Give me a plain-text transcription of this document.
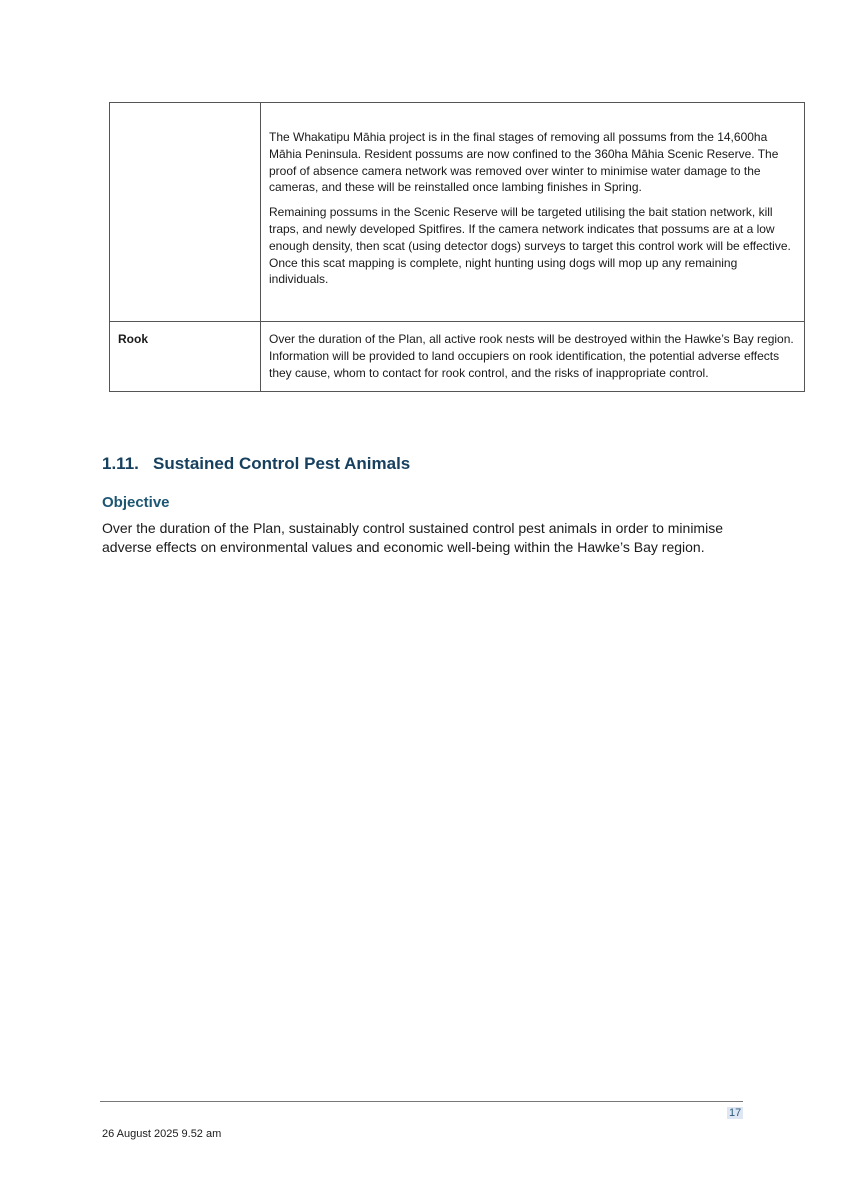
	The Whakatipu Māhia project is in the final stages of removing all possums from the 14,600ha Māhia Peninsula. Resident possums are now confined to the 360ha Māhia Scenic Reserve. The proof of absence camera network was removed over winter to minimise water damage to the cameras, and these will be reinstalled once lambing finishes in Spring.

Remaining possums in the Scenic Reserve will be targeted utilising the bait station network, kill traps, and newly developed Spitfires. If the camera network indicates that possums are at a low enough density, then scat (using detector dogs) surveys to target this control work will be effective. Once this scat mapping is complete, night hunting using dogs will mop up any remaining individuals.

Rook	Over the duration of the Plan, all active rook nests will be destroyed within the Hawke’s Bay region. Information will be provided to land occupiers on rook identification, the potential adverse effects they cause, whom to contact for rook control, and the risks of inappropriate control.

1.11. Sustained Control Pest Animals
Objective

Over the duration of the Plan, sustainably control sustained control pest animals in order to minimise adverse effects on environmental values and economic well-being within the Hawke’s Bay region.

17
26 August 2025 9.52 am
